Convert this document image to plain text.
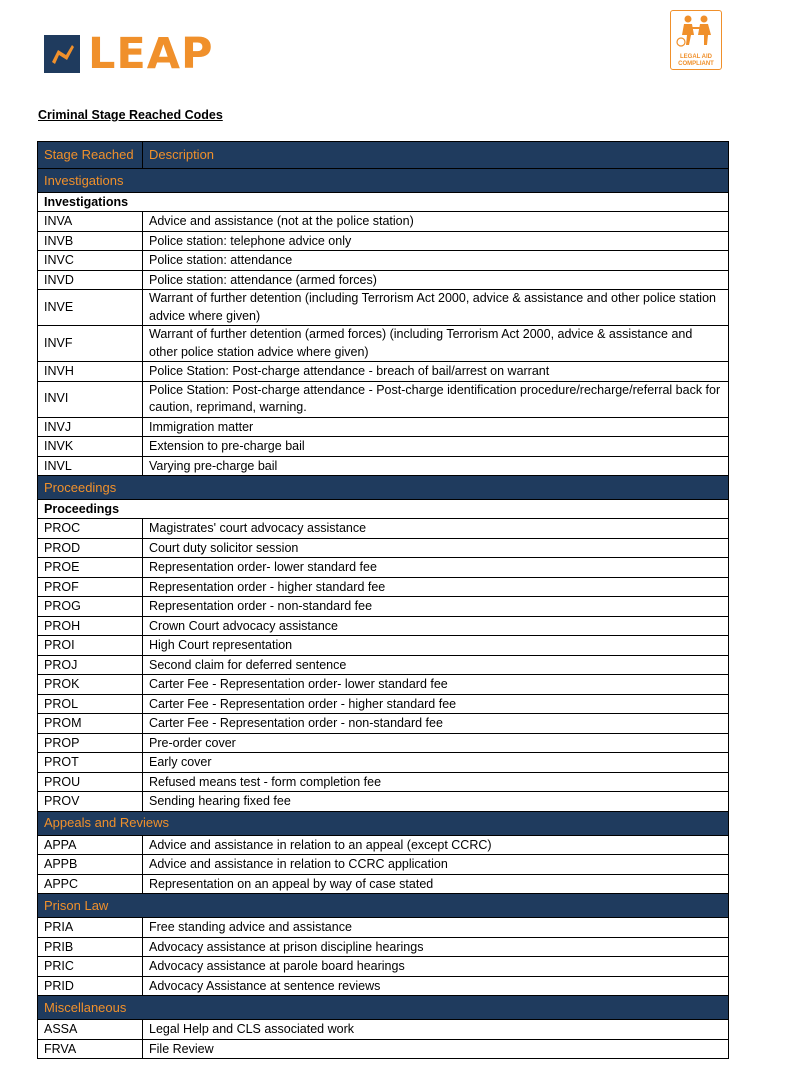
LEAP	LEGAL AID
COMPLIANT
Criminal Stage Reached Codes
Stage Reached	Description
Investigations	
Investigations	
INVA	Advice and assistance (not at the police station)
INVB	Police station: telephone advice only
INVC	Police station: attendance
INVD	Police station: attendance (armed forces)
INVE	Warrant of further detention (including Terrorism Act 2000, advice & assistance and other police station advice where given)
INVF	Warrant of further detention (armed forces) (including Terrorism Act 2000, advice & assistance and other police station advice where given)
INVH	Police Station: Post-charge attendance - breach of bail/arrest on warrant
INVI	Police Station: Post-charge attendance - Post-charge identification procedure/recharge/referral back for caution, reprimand, warning.
INVJ	Immigration matter
INVK	Extension to pre-charge bail
INVL	Varying pre-charge bail
Proceedings	
Proceedings	
PROC	Magistrates' court advocacy assistance
PROD	Court duty solicitor session
PROE	Representation order- lower standard fee
PROF	Representation order - higher standard fee
PROG	Representation order - non-standard fee
PROH	Crown Court advocacy assistance
PROI	High Court representation
PROJ	Second claim for deferred sentence
PROK	Carter Fee - Representation order- lower standard fee
PROL	Carter Fee - Representation order - higher standard fee
PROM	Carter Fee - Representation order - non-standard fee
PROP	Pre-order cover
PROT	Early cover
PROU	Refused means test - form completion fee
PROV	Sending hearing fixed fee
Appeals and Reviews	
APPA	Advice and assistance in relation to an appeal (except CCRC)
APPB	Advice and assistance in relation to CCRC application
APPC	Representation on an appeal by way of case stated
Prison Law	
PRIA	Free standing advice and assistance
PRIB	Advocacy assistance at prison discipline hearings
PRIC	Advocacy assistance at parole board hearings
PRID	Advocacy Assistance at sentence reviews
Miscellaneous	
ASSA	Legal Help and CLS associated work
FRVA	File Review
